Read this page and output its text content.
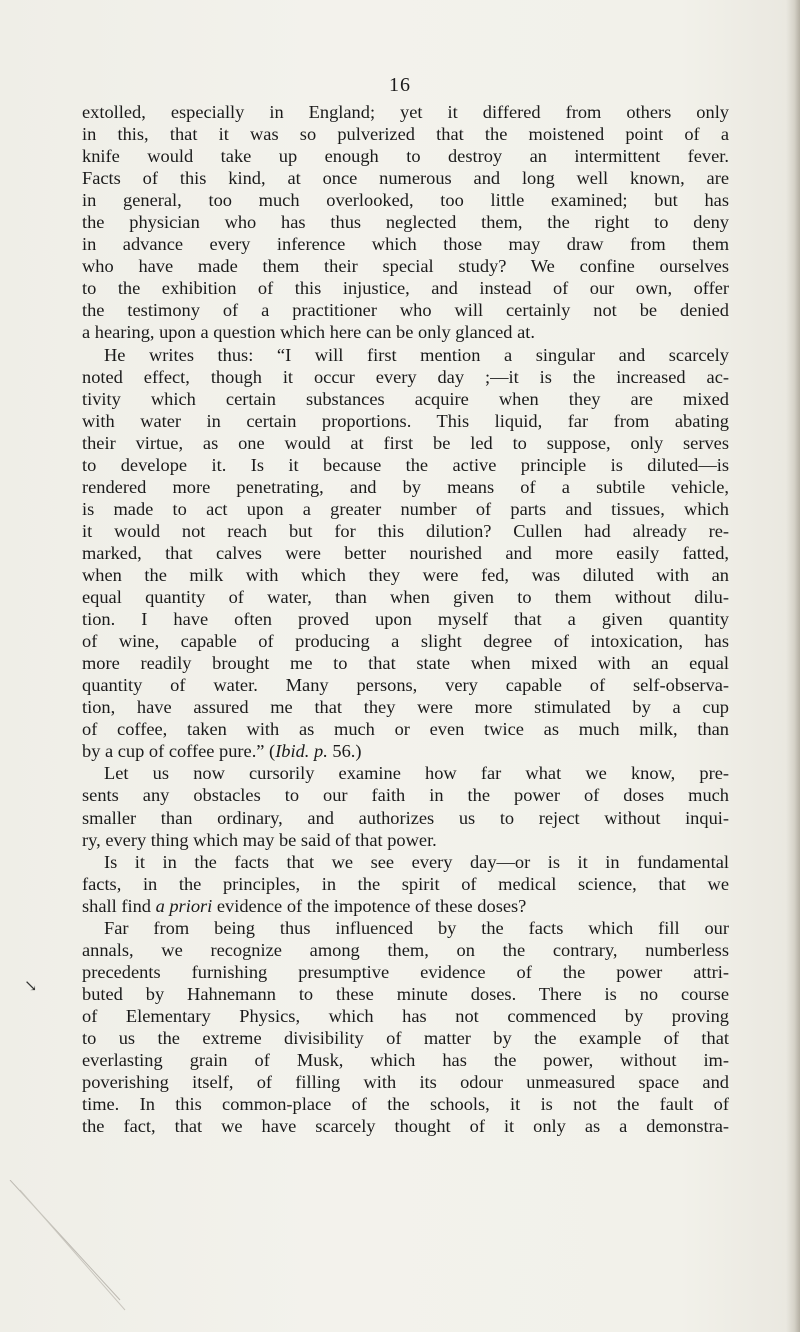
16
extolled, especially in England; yet it differed from others only
in this, that it was so pulverized that the moistened point of a
knife would take up enough to destroy an intermittent fever.
Facts of this kind, at once numerous and long well known, are
in general, too much overlooked, too little examined; but has
the physician who has thus neglected them, the right to deny
in advance every inference which those may draw from them
who have made them their special study? We confine ourselves
to the exhibition of this injustice, and instead of our own, offer
the testimony of a practitioner who will certainly not be denied
a hearing, upon a question which here can be only glanced at.
He writes thus: “I will first mention a singular and scarcely
noted effect, though it occur every day ;—it is the increased ac-
tivity which certain substances acquire when they are mixed
with water in certain proportions. This liquid, far from abating
their virtue, as one would at first be led to suppose, only serves
to develope it. Is it because the active principle is diluted—is
rendered more penetrating, and by means of a subtile vehicle,
is made to act upon a greater number of parts and tissues, which
it would not reach but for this dilution? Cullen had already re-
marked, that calves were better nourished and more easily fatted,
when the milk with which they were fed, was diluted with an
equal quantity of water, than when given to them without dilu-
tion. I have often proved upon myself that a given quantity
of wine, capable of producing a slight degree of intoxication, has
more readily brought me to that state when mixed with an equal
quantity of water. Many persons, very capable of self-observa-
tion, have assured me that they were more stimulated by a cup
of coffee, taken with as much or even twice as much milk, than
by a cup of coffee pure.” (Ibid. p. 56.)
Let us now cursorily examine how far what we know, pre-
sents any obstacles to our faith in the power of doses much
smaller than ordinary, and authorizes us to reject without inqui-
ry, every thing which may be said of that power.
Is it in the facts that we see every day—or is it in fundamental
facts, in the principles, in the spirit of medical science, that we
shall find a priori evidence of the impotence of these doses?
Far from being thus influenced by the facts which fill our
annals, we recognize among them, on the contrary, numberless
precedents furnishing presumptive evidence of the power attri-
buted by Hahnemann to these minute doses. There is no course
of Elementary Physics, which has not commenced by proving
to us the extreme divisibility of matter by the example of that
everlasting grain of Musk, which has the power, without im-
poverishing itself, of filling with its odour unmeasured space and
time. In this common-place of the schools, it is not the fault of
the fact, that we have scarcely thought of it only as a demonstra-
↘
